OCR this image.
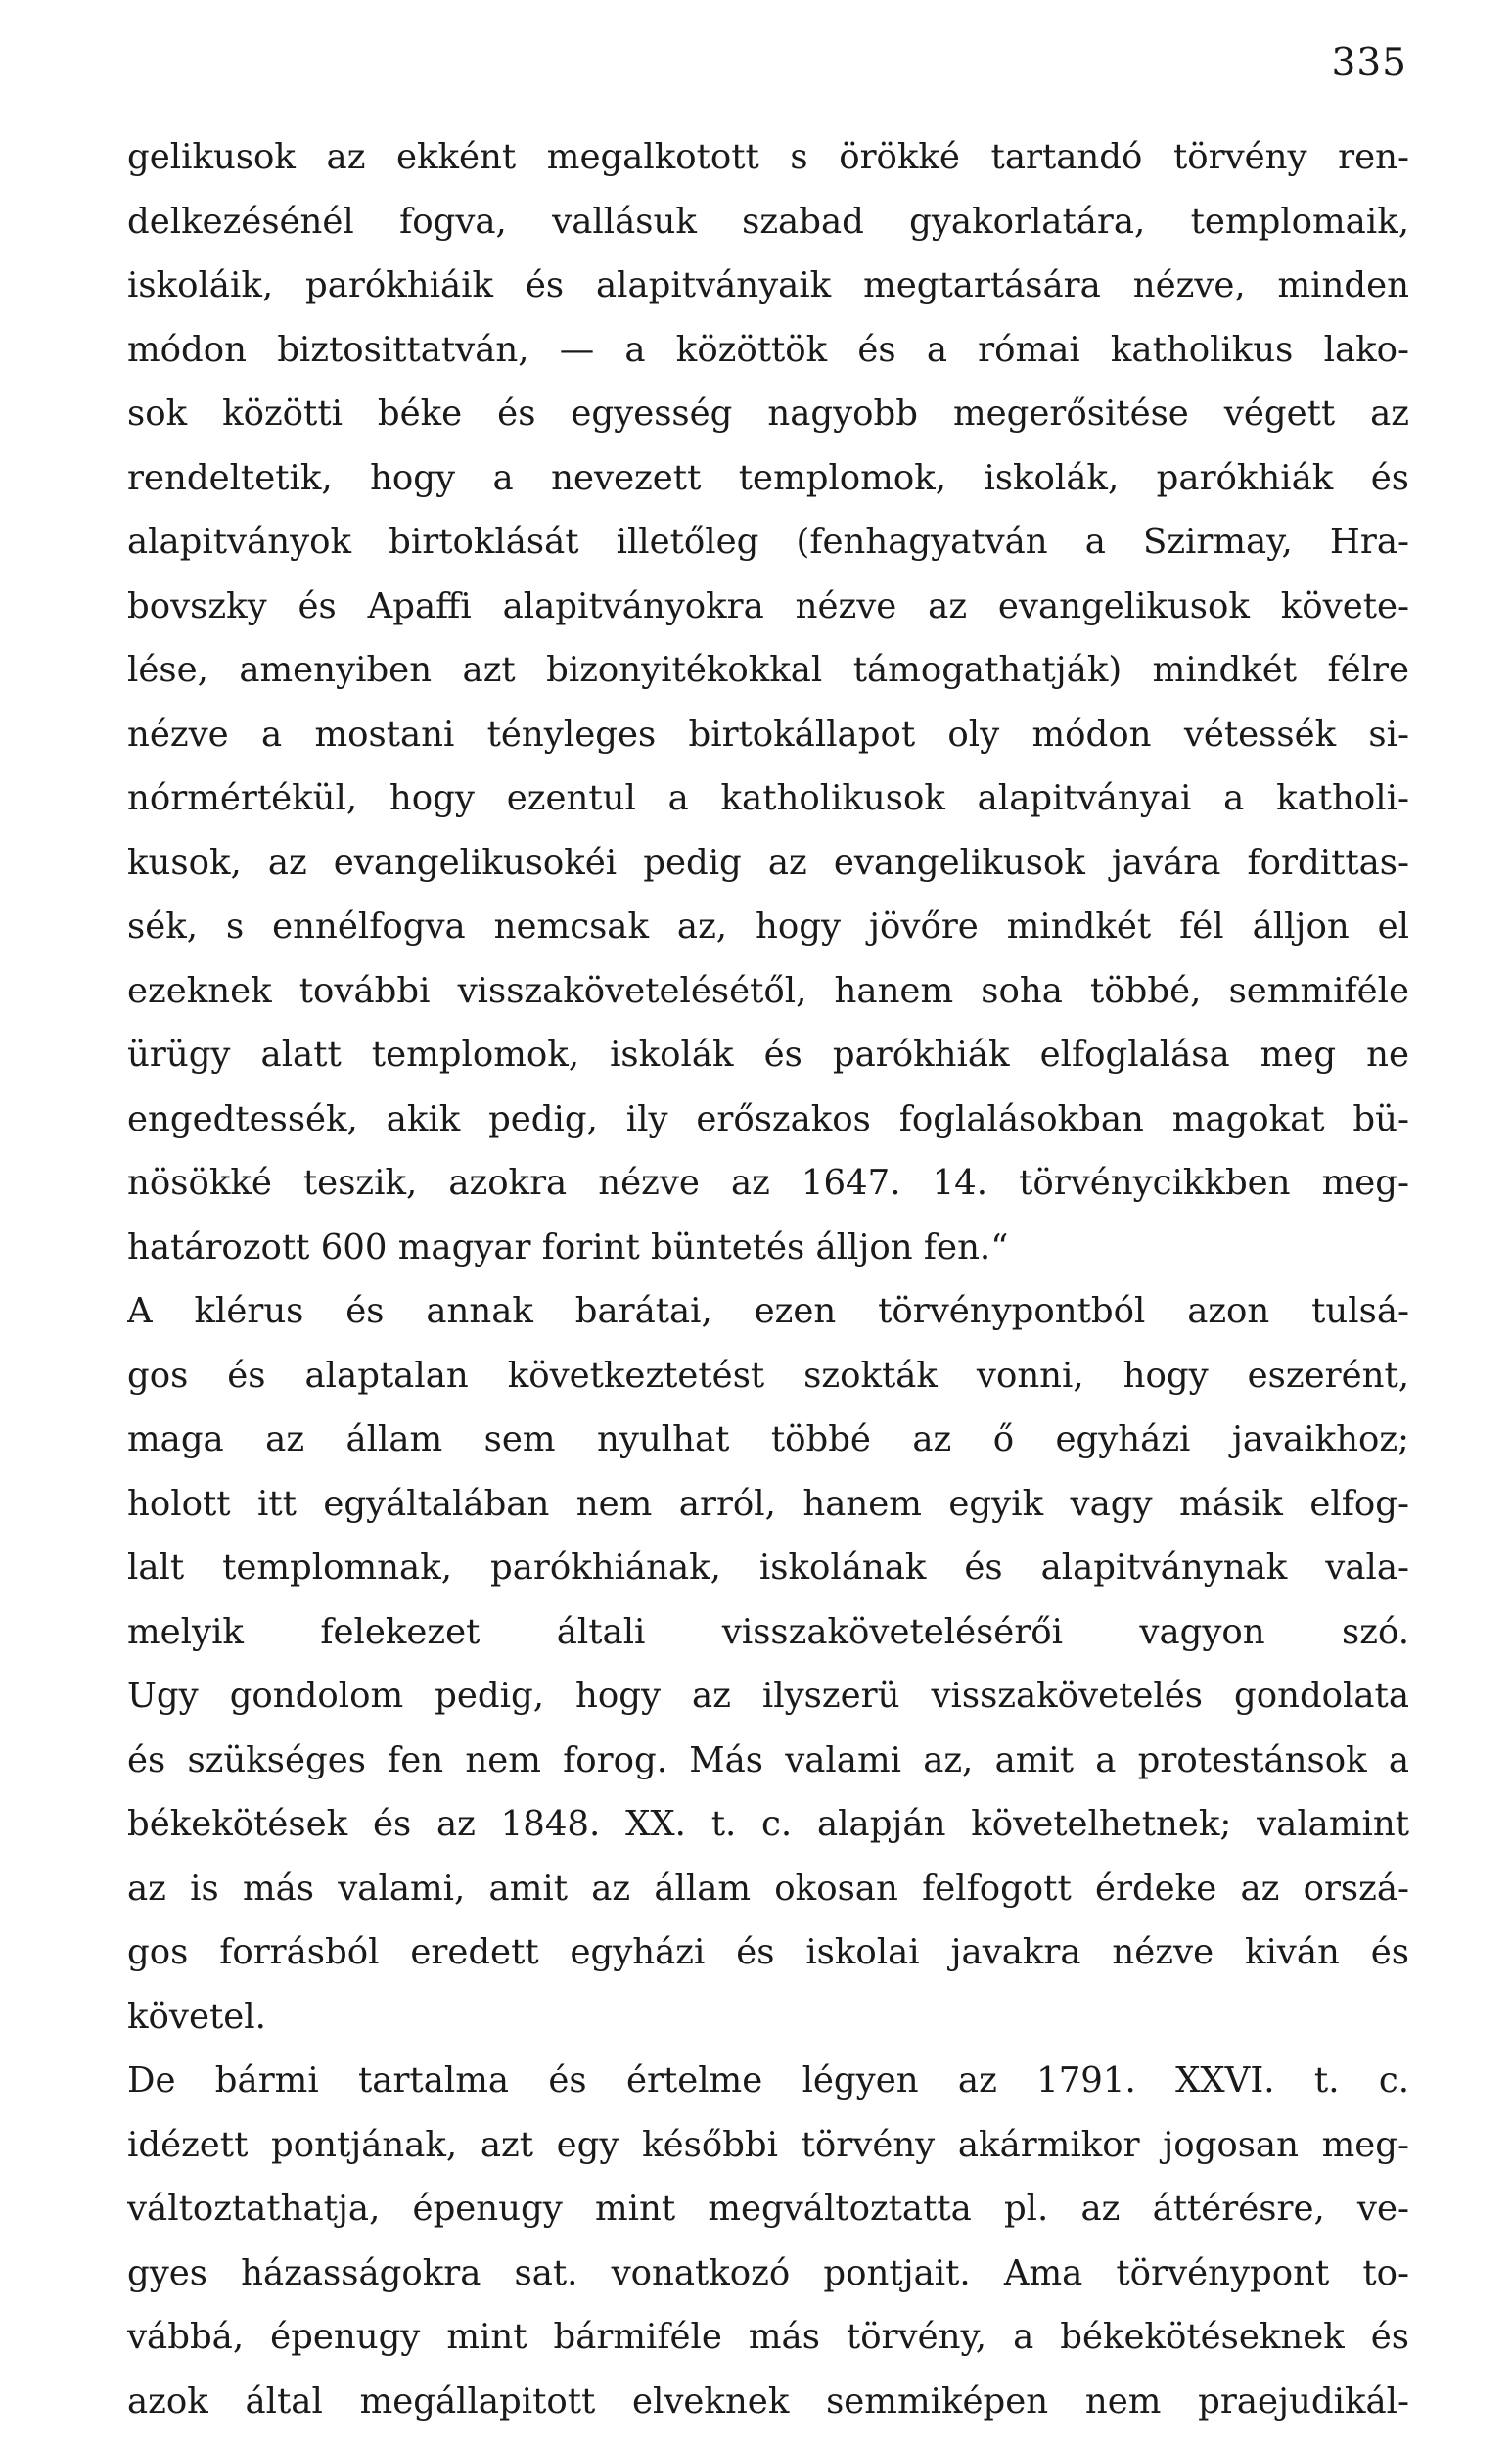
335
gelikusok az ekként megalkotott s örökké tartandó törvény ren-
delkezésénél fogva, vallásuk szabad gyakorlatára, templomaik,
iskoláik, parókhiáik és alapitványaik megtartására nézve, minden
módon biztosittatván, — a közöttök és a római katholikus lako-
sok közötti béke és egyesség nagyobb megerősitése végett az
rendeltetik, hogy a nevezett templomok, iskolák, parókhiák és
alapitványok birtoklását illetőleg (fenhagyatván a Szirmay, Hra-
bovszky és Apaffi alapitványokra nézve az evangelikusok követe-
lése, amenyiben azt bizonyitékokkal támogathatják) mindkét félre
nézve a mostani tényleges birtokállapot oly módon vétessék si-
nórmértékül, hogy ezentul a katholikusok alapitványai a katholi-
kusok, az evangelikusokéi pedig az evangelikusok javára fordittas-
sék, s ennélfogva nemcsak az, hogy jövőre mindkét fél álljon el
ezeknek további visszakövetelésétől, hanem soha többé, semmiféle
ürügy alatt templomok, iskolák és parókhiák elfoglalása meg ne
engedtessék, akik pedig, ily erőszakos foglalásokban magokat bü-
nösökké teszik, azokra nézve az 1647. 14. törvénycikkben meg-
határozott 600 magyar forint büntetés álljon fen.“
A klérus és annak barátai, ezen törvénypontból azon tulsá-
gos és alaptalan következtetést szokták vonni, hogy eszerént,
maga az állam sem nyulhat többé az ő egyházi javaikhoz;
holott itt egyáltalában nem arról, hanem egyik vagy másik elfog-
lalt templomnak, parókhiának, iskolának és alapitványnak vala-
melyik felekezet általi visszakövetelésérői vagyon szó.
Ugy gondolom pedig, hogy az ilyszerü visszakövetelés gondolata
és szükséges fen nem forog. Más valami az, amit a protestánsok a
békekötések és az 1848. XX. t. c. alapján követelhetnek; valamint
az is más valami, amit az állam okosan felfogott érdeke az orszá-
gos forrásból eredett egyházi és iskolai javakra nézve kiván és
követel.
De bármi tartalma és értelme légyen az 1791. XXVI. t. c.
idézett pontjának, azt egy későbbi törvény akármikor jogosan meg-
változtathatja, épenugy mint megváltoztatta pl. az áttérésre, ve-
gyes házasságokra sat. vonatkozó pontjait. Ama törvénypont to-
vábbá, épenugy mint bármiféle más törvény, a békekötéseknek és
azok által megállapitott elveknek semmiképen nem praejudikál-
